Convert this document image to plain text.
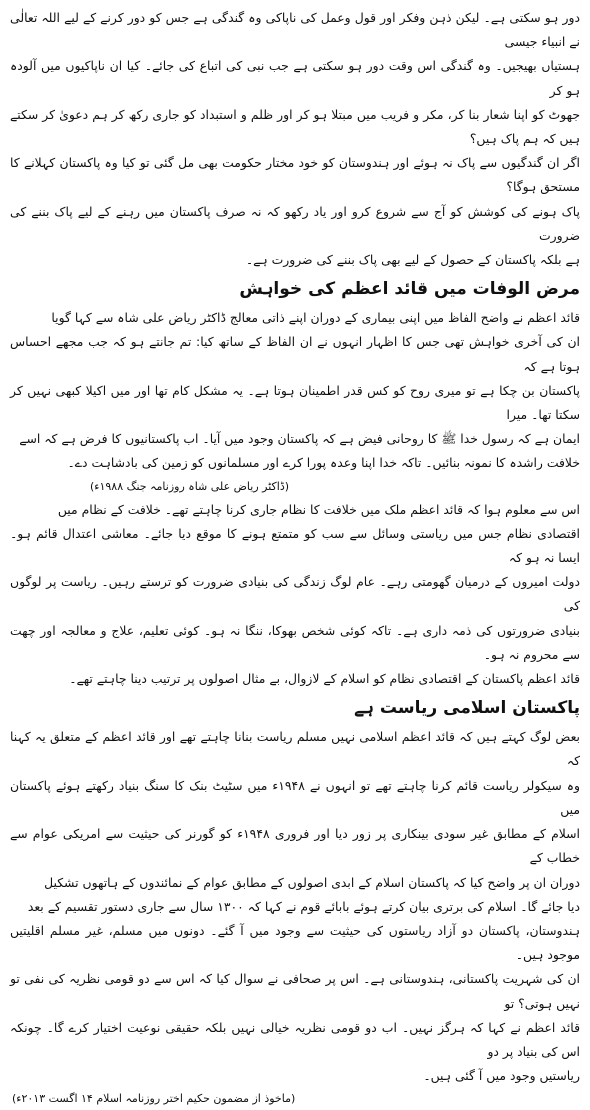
دور ہو سکتی ہے۔ لیکن ذہن وفکر اور قول وعمل کی ناپاکی وہ گندگی ہے جس کو دور کرنے کے لیے اللہ تعالٰی نے انبیاء جیسی
ہستیاں بھیجیں۔ وہ گندگی اس وقت دور ہو سکتی ہے جب نبی کی اتباع کی جائے۔ کیا ان ناپاکیوں میں آلودہ ہو کر
جھوٹ کو اپنا شعار بنا کر، مکر و فریب میں مبتلا ہو کر اور ظلم و استبداد کو جاری رکھ کر ہم دعویٰ کر سکتے ہیں کہ ہم پاک ہیں؟
اگر ان گندگیوں سے پاک نہ ہوئے اور ہندوستان کو خود مختار حکومت بھی مل گئی تو کیا وہ پاکستان کہلانے کا مستحق ہوگا؟
پاک ہونے کی کوشش کو آج سے شروع کرو اور یاد رکھو کہ نہ صرف پاکستان میں رہنے کے لیے پاک بننے کی ضرورت
ہے بلکہ پاکستان کے حصول کے لیے بھی پاک بننے کی ضرورت ہے۔

مرض الوفات میں قائد اعظم کی خواہش

قائد اعظم نے واضح الفاظ میں اپنی بیماری کے دوران اپنے ذاتی معالج ڈاکٹر ریاض علی شاہ سے کہا گویا
ان کی آخری خواہش تھی جس کا اظہار انہوں نے ان الفاظ کے ساتھ کیا: تم جانتے ہو کہ جب مجھے احساس ہوتا ہے کہ
پاکستان بن چکا ہے تو میری روح کو کس قدر اطمینان ہوتا ہے۔ یہ مشکل کام تھا اور میں اکیلا کبھی نہیں کر سکتا تھا۔ میرا
ایمان ہے کہ رسول خدا ﷺ کا روحانی فیض ہے کہ پاکستان وجود میں آیا۔ اب پاکستانیوں کا فرض ہے کہ اسے
خلافت راشدہ کا نمونہ بنائیں۔ تاکہ خدا اپنا وعدہ پورا کرے اور مسلمانوں کو زمین کی بادشاہت دے۔

(ڈاکٹر ریاض علی شاہ روزنامہ جنگ ۱۹۸۸ء)

اس سے معلوم ہوا کہ قائد اعظم ملک میں خلافت کا نظام جاری کرنا چاہتے تھے۔ خلافت کے نظام میں
اقتصادی نظام جس میں ریاستی وسائل سے سب کو متمتع ہونے کا موقع دیا جائے۔ معاشی اعتدال قائم ہو۔ ایسا نہ ہو کہ
دولت امیروں کے درمیان گھومتی رہے۔ عام لوگ زندگی کی بنیادی ضرورت کو ترستے رہیں۔ ریاست پر لوگوں کی
بنیادی ضرورتوں کی ذمہ داری ہے۔ تاکہ کوئی شخص بھوکا، ننگا نہ ہو۔ کوئی تعلیم، علاج و معالجہ اور چھت سے محروم نہ ہو۔
قائد اعظم پاکستان کے اقتصادی نظام کو اسلام کے لازوال، بے مثال اصولوں پر ترتیب دینا چاہتے تھے۔

پاکستان اسلامی ریاست ہے

بعض لوگ کہتے ہیں کہ قائد اعظم اسلامی نہیں مسلم ریاست بنانا چاہتے تھے اور قائد اعظم کے متعلق یہ کہنا کہ
وہ سیکولر ریاست قائم کرنا چاہتے تھے تو انہوں نے ۱۹۴۸ء میں سٹیٹ بنک کا سنگ بنیاد رکھتے ہوئے پاکستان میں
اسلام کے مطابق غیر سودی بینکاری پر زور دیا اور فروری ۱۹۴۸ء کو گورنر کی حیثیت سے امریکی عوام سے خطاب کے
دوران ان پر واضح کیا کہ پاکستان اسلام کے ابدی اصولوں کے مطابق عوام کے نمائندوں کے ہاتھوں تشکیل
دیا جائے گا۔ اسلام کی برتری بیان کرتے ہوئے بابائے قوم نے کہا کہ ۱۳۰۰ سال سے جاری دستور تقسیم کے بعد
ہندوستان، پاکستان دو آزاد ریاستوں کی حیثیت سے وجود میں آ گئے۔ دونوں میں مسلم، غیر مسلم اقلیتیں موجود ہیں۔
ان کی شہریت پاکستانی، ہندوستانی ہے۔ اس پر صحافی نے سوال کیا کہ اس سے دو قومی نظریہ کی نفی تو نہیں ہوتی؟ تو
قائد اعظم نے کہا کہ ہرگز نہیں۔ اب دو قومی نظریہ خیالی نہیں بلکہ حقیقی نوعیت اختیار کرے گا۔ چونکہ اس کی بنیاد پر دو
ریاستیں وجود میں آ گئی ہیں۔

(ماخوذ از مضمون حکیم اختر روزنامہ اسلام ۱۴ اگست ۲۰۱۳ء)
